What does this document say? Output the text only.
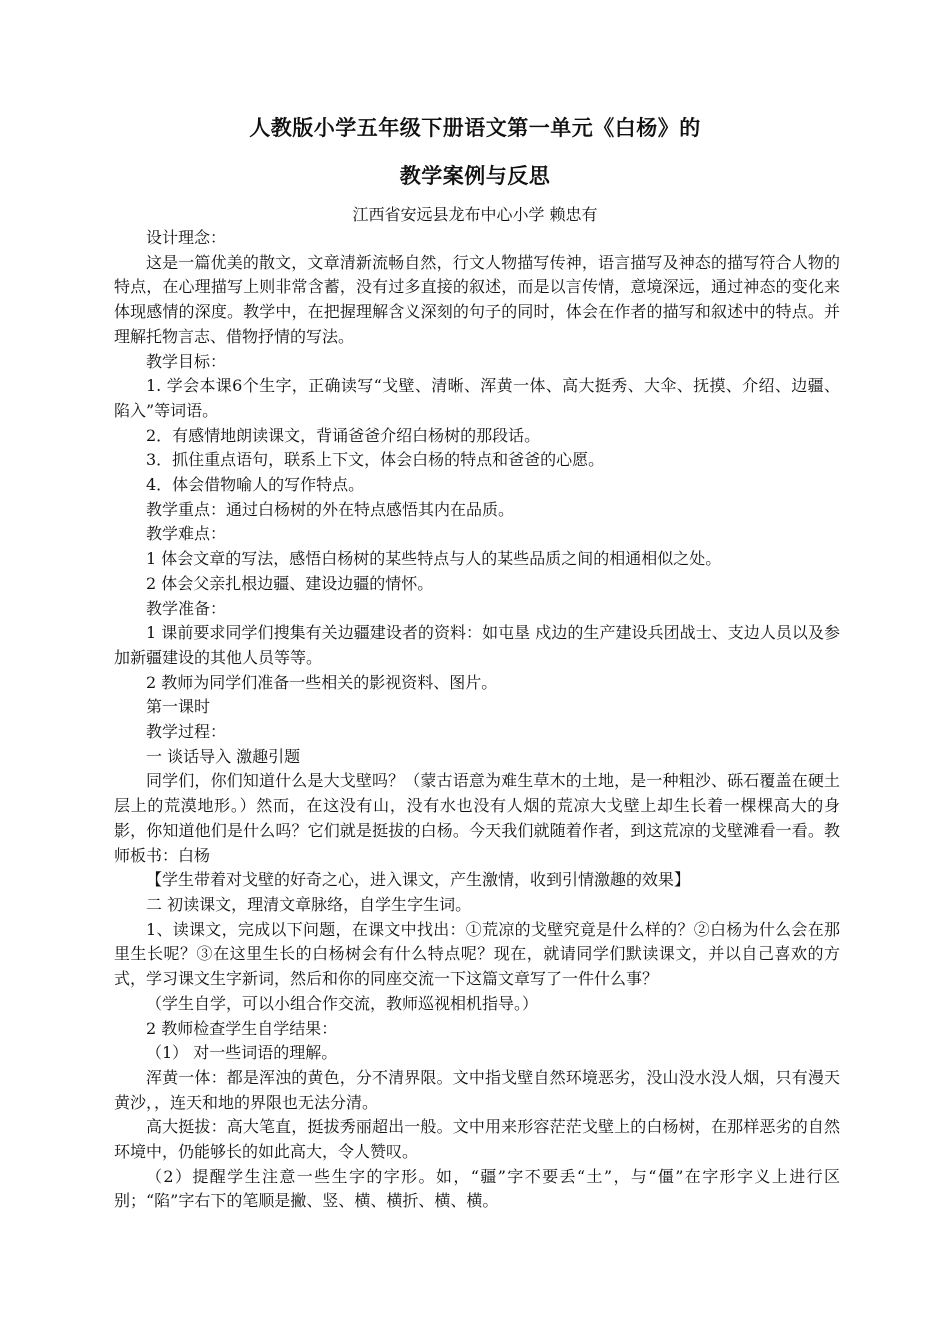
人教版小学五年级下册语文第一单元《白杨》的
教学案例与反思
江西省安远县龙布中心小学 赖忠有

设计理念：

这是一篇优美的散文，文章清新流畅自然，行文人物描写传神，语言描写及神态的描写符合人物的特点，在心理描写上则非常含蓄，没有过多直接的叙述，而是以言传情，意境深远，通过神态的变化来体现感情的深度。教学中，在把握理解含义深刻的句子的同时，体会在作者的描写和叙述中的特点。并理解托物言志、借物抒情的写法。

教学目标：

1. 学会本课6个生字，正确读写“戈壁、清晰、浑黄一体、高大挺秀、大伞、抚摸、介绍、边疆、陷入”等词语。

2．有感情地朗读课文，背诵爸爸介绍白杨树的那段话。

3．抓住重点语句，联系上下文，体会白杨的特点和爸爸的心愿。

4．体会借物喻人的写作特点。

教学重点：通过白杨树的外在特点感悟其内在品质。

教学难点：

1 体会文章的写法，感悟白杨树的某些特点与人的某些品质之间的相通相似之处。

2 体会父亲扎根边疆、建设边疆的情怀。

教学准备：

1 课前要求同学们搜集有关边疆建设者的资料：如屯垦 戍边的生产建设兵团战士、支边人员以及参加新疆建设的其他人员等等。

2 教师为同学们准备一些相关的影视资料、图片。

第一课时

教学过程：

一 谈话导入 激趣引题

同学们，你们知道什么是大戈壁吗？（蒙古语意为难生草木的土地，是一种粗沙、砾石覆盖在硬土层上的荒漠地形。）然而，在这没有山，没有水也没有人烟的荒凉大戈壁上却生长着一棵棵高大的身影，你知道他们是什么吗？它们就是挺拔的白杨。今天我们就随着作者，到这荒凉的戈壁滩看一看。教师板书：白杨

【学生带着对戈壁的好奇之心，进入课文，产生激情，收到引情激趣的效果】

二 初读课文，理清文章脉络，自学生字生词。

1、读课文，完成以下问题，在课文中找出：①荒凉的戈壁究竟是什么样的？②白杨为什么会在那里生长呢？③在这里生长的白杨树会有什么特点呢？现在，就请同学们默读课文，并以自己喜欢的方式，学习课文生字新词，然后和你的同座交流一下这篇文章写了一件什么事？

（学生自学，可以小组合作交流，教师巡视相机指导。）

2 教师检查学生自学结果：

（1） 对一些词语的理解。

浑黄一体：都是浑浊的黄色，分不清界限。文中指戈壁自然环境恶劣，没山没水没人烟，只有漫天黄沙，，连天和地的界限也无法分清。

高大挺拔：高大笔直，挺拔秀丽超出一般。文中用来形容茫茫戈壁上的白杨树，在那样恶劣的自然环境中，仍能够长的如此高大，令人赞叹。

（2）提醒学生注意一些生字的字形。如，“疆”字不要丢“土”，与“僵”在字形字义上进行区别；“陷”字右下的笔顺是撇、竖、横、横折、横、横。
